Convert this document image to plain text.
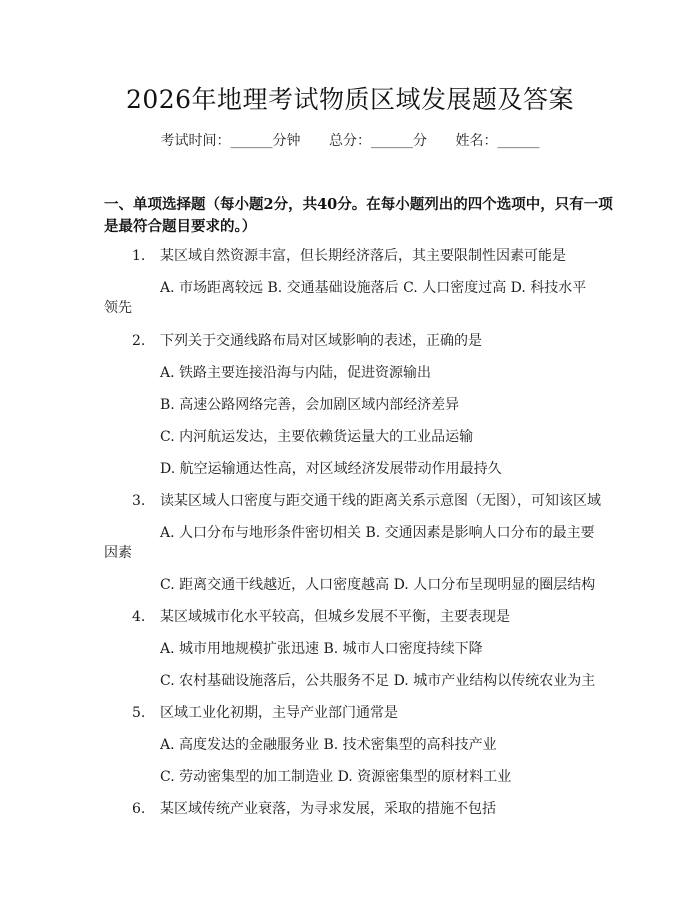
2026年地理考试物质区域发展题及答案
考试时间：______分钟 总分：______分 姓名：______
一、单项选择题（每小题2分，共40分。在每小题列出的四个选项中，只有一项
是最符合题目要求的。）
1. 某区域自然资源丰富，但长期经济落后，其主要限制性因素可能是
A. 市场距离较远 B. 交通基础设施落后 C. 人口密度过高 D. 科技水平
领先
2. 下列关于交通线路布局对区域影响的表述，正确的是
A. 铁路主要连接沿海与内陆，促进资源输出
B. 高速公路网络完善，会加剧区域内部经济差异
C. 内河航运发达，主要依赖货运量大的工业品运输
D. 航空运输通达性高，对区域经济发展带动作用最持久
3. 读某区域人口密度与距交通干线的距离关系示意图（无图），可知该区域
A. 人口分布与地形条件密切相关 B. 交通因素是影响人口分布的最主要
因素
C. 距离交通干线越近，人口密度越高 D. 人口分布呈现明显的圈层结构
4. 某区域城市化水平较高，但城乡发展不平衡，主要表现是
A. 城市用地规模扩张迅速 B. 城市人口密度持续下降
C. 农村基础设施落后，公共服务不足 D. 城市产业结构以传统农业为主
5. 区域工业化初期，主导产业部门通常是
A. 高度发达的金融服务业 B. 技术密集型的高科技产业
C. 劳动密集型的加工制造业 D. 资源密集型的原材料工业
6. 某区域传统产业衰落，为寻求发展，采取的措施不包括
